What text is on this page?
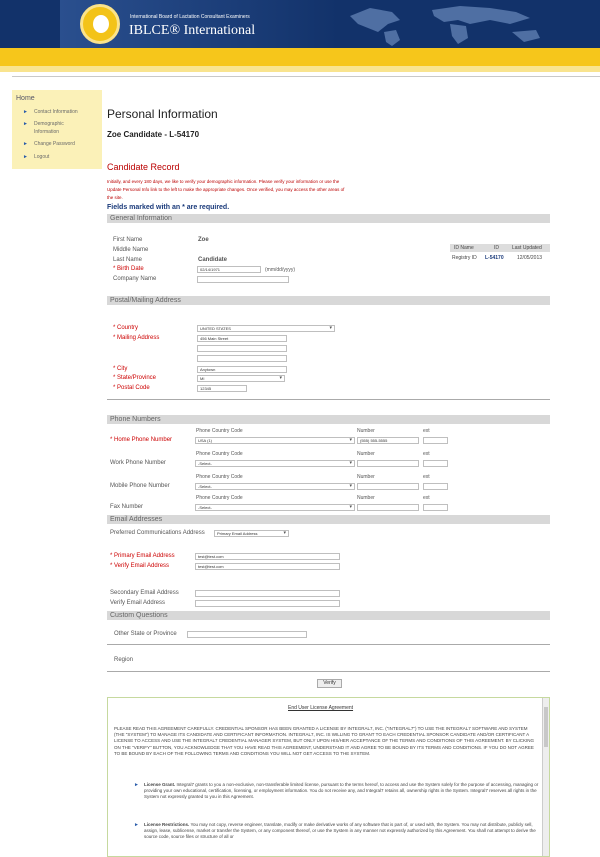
International Board of Lactation Consultant Examiners
IBLCE® International
Home
► Contact Information
► Demographic Information
► Change Password
► Logout
Personal Information
Zoe Candidate - L-54170
Candidate Record
Initially, and every 180 days, we like to verify your demographic information. Please verify your information or use the Update Personal Info link to the left to make the appropriate changes. Once verified, you may access the other areas of the site.
Fields marked with an * are required.
General Information
First Name	Zoe
Middle Name
Last Name	Candidate
* Birth Date	02/14/1971	(mm/dd/yyyy)
Company Name
ID Name	ID	Last Updated
Registry ID L-54170	12/05/2013
Postal/Mailing Address
* Country	UNITED STATES ▾
* Mailing Address	456 Main Street
* City	Anytown
* State/Province	MI ▾
* Postal Code	12345
Phone Numbers
Phone Country Code	Number	ext
* Home Phone Number	USA (1) ▾	(555) 555-5555
Phone Country Code	Number	ext
Work Phone Number	-Select- ▾
Phone Country Code	Number	ext
Mobile Phone Number	-Select- ▾
Phone Country Code	Number	ext
Fax Number	-Select- ▾
Email Addresses
Preferred Communications Address	Primary Email Address ▾
* Primary Email Address	test@test.com
* Verify Email Address	test@test.com
Secondary Email Address
Verify Email Address
Custom Questions
Other State or Province
Region
Verify
End User License Agreement
PLEASE READ THIS AGREEMENT CAREFULLY. CREDENTIAL SPONSOR HAS BEEN GRANTED A LICENSE BY INTEGRAL7, INC. ("INTEGRAL7") TO USE THE INTEGRAL7 SOFTWARE AND SYSTEM (THE "SYSTEM") TO MANAGE ITS CANDIDATE AND CERTIFICANT INFORMATION. INTEGRAL7, INC. IS WILLING TO GRANT TO EACH CREDENTIAL SPONSOR CANDIDATE AND/OR CERTIFICANT A LICENSE TO ACCESS AND USE THE INTEGRAL7 CREDENTIAL MANAGER SYSTEM, BUT ONLY UPON HIS/HER ACCEPTANCE OF THE TERMS AND CONDITIONS OF THIS AGREEMENT. BY CLICKING ON THE "VERIFY" BUTTON, YOU ACKNOWLEDGE THAT YOU HAVE READ THIS AGREEMENT, UNDERSTAND IT AND AGREE TO BE BOUND BY ITS TERMS AND CONDITIONS. IF YOU DO NOT AGREE TO BE BOUND BY EACH OF THE FOLLOWING TERMS AND CONDITIONS YOU WILL NOT GET ACCESS TO THE SYSTEM.
► License Grant. Integral7 grants to you a non-exclusive, non-transferable limited license, pursuant to the terms hereof, to access and use the System solely for the purpose of accessing, managing or providing your own educational, certification, licensing, or employment information. You do not receive any, and Integral7 retains all, ownership rights in the System. Integral7 reserves all rights in the System not expressly granted to you in this Agreement.
► License Restrictions. You may not copy, reverse engineer, translate, modify or make derivative works of any software that is part of, or used with, the System. You may not distribute, publicly sell, assign, lease, sublicense, market or transfer the System, or any component thereof, or use the System in any manner not expressly authorized by this Agreement. You shall not attempt to derive the source code, source files or structure of all or
